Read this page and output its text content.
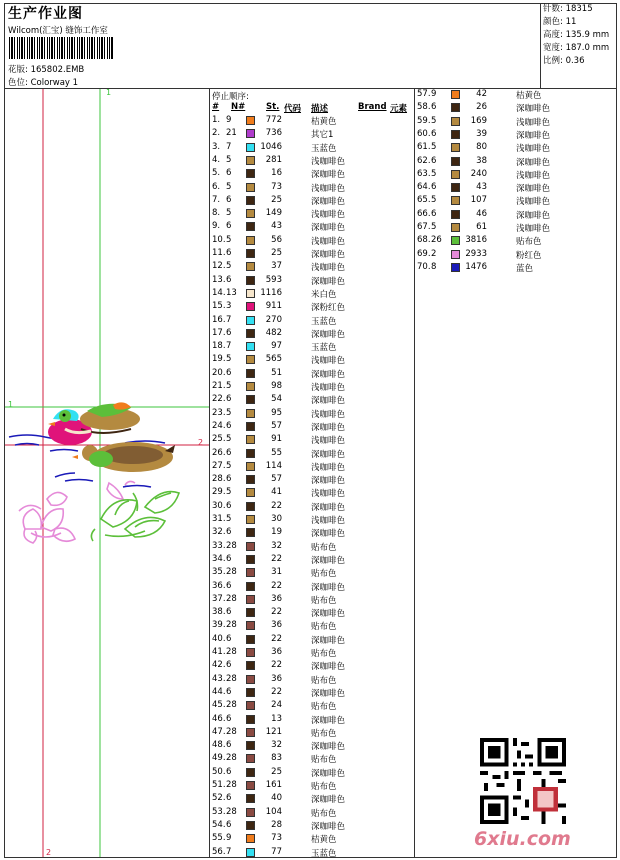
生产作业图
Wilcom(汇宝) 缝饰工作室
花版: 165802.EMB
色位: Colorway 1
针数: 18315
颜色: 11
高度: 135.9 mm
宽度: 187.0 mm
比例: 0.36
1
1
2
2
停止顺序:
# N# St. 代码 描述	Brand 元素
1. 9	772	桔黄色
2. 21	736	其它1
3. 7	1046	玉蓝色
4. 5	281	浅咖啡色
5. 6	16	深咖啡色
6. 5	73	浅咖啡色
7. 6	25	深咖啡色
8. 5	149	浅咖啡色
9. 6	43	深咖啡色
10. 5	56	浅咖啡色
11. 6	25	深咖啡色
12. 5	37	浅咖啡色
13. 6	593	深咖啡色
14. 13	1116	米白色
15. 3	911	深粉红色
16. 7	270	玉蓝色
17. 6	482	深咖啡色
18. 7	97	玉蓝色
19. 5	565	浅咖啡色
20. 6	51	深咖啡色
21. 5	98	浅咖啡色
22. 6	54	深咖啡色
23. 5	95	浅咖啡色
24. 6	57	深咖啡色
25. 5	91	浅咖啡色
26. 6	55	深咖啡色
27. 5	114	浅咖啡色
28. 6	57	深咖啡色
29. 5	41	浅咖啡色
30. 6	22	深咖啡色
31. 5	30	浅咖啡色
32. 6	19	深咖啡色
33. 28	32	贴布色
34. 6	22	深咖啡色
35. 28	31	贴布色
36. 6	22	深咖啡色
37. 28	36	贴布色
38. 6	22	深咖啡色
39. 28	36	贴布色
40. 6	22	深咖啡色
41. 28	36	贴布色
42. 6	22	深咖啡色
43. 28	36	贴布色
44. 6	22	深咖啡色
45. 28	24	贴布色
46. 6	13	深咖啡色
47. 28	121	贴布色
48. 6	32	深咖啡色
49. 28	83	贴布色
50. 6	25	深咖啡色
51. 28	161	贴布色
52. 6	40	深咖啡色
53. 28	104	贴布色
54. 6	28	深咖啡色
55. 9	73	桔黄色
56. 7	77	玉蓝色
57. 9	42	桔黄色
58. 6	26	深咖啡色
59. 5	169	浅咖啡色
60. 6	39	深咖啡色
61. 5	80	浅咖啡色
62. 6	38	深咖啡色
63. 5	240	浅咖啡色
64. 6	43	深咖啡色
65. 5	107	浅咖啡色
66. 6	46	深咖啡色
67. 5	61	浅咖啡色
68. 26	3816	贴布色
69. 2	2933	粉红色
70. 8	1476	蓝色
6xiu.com
